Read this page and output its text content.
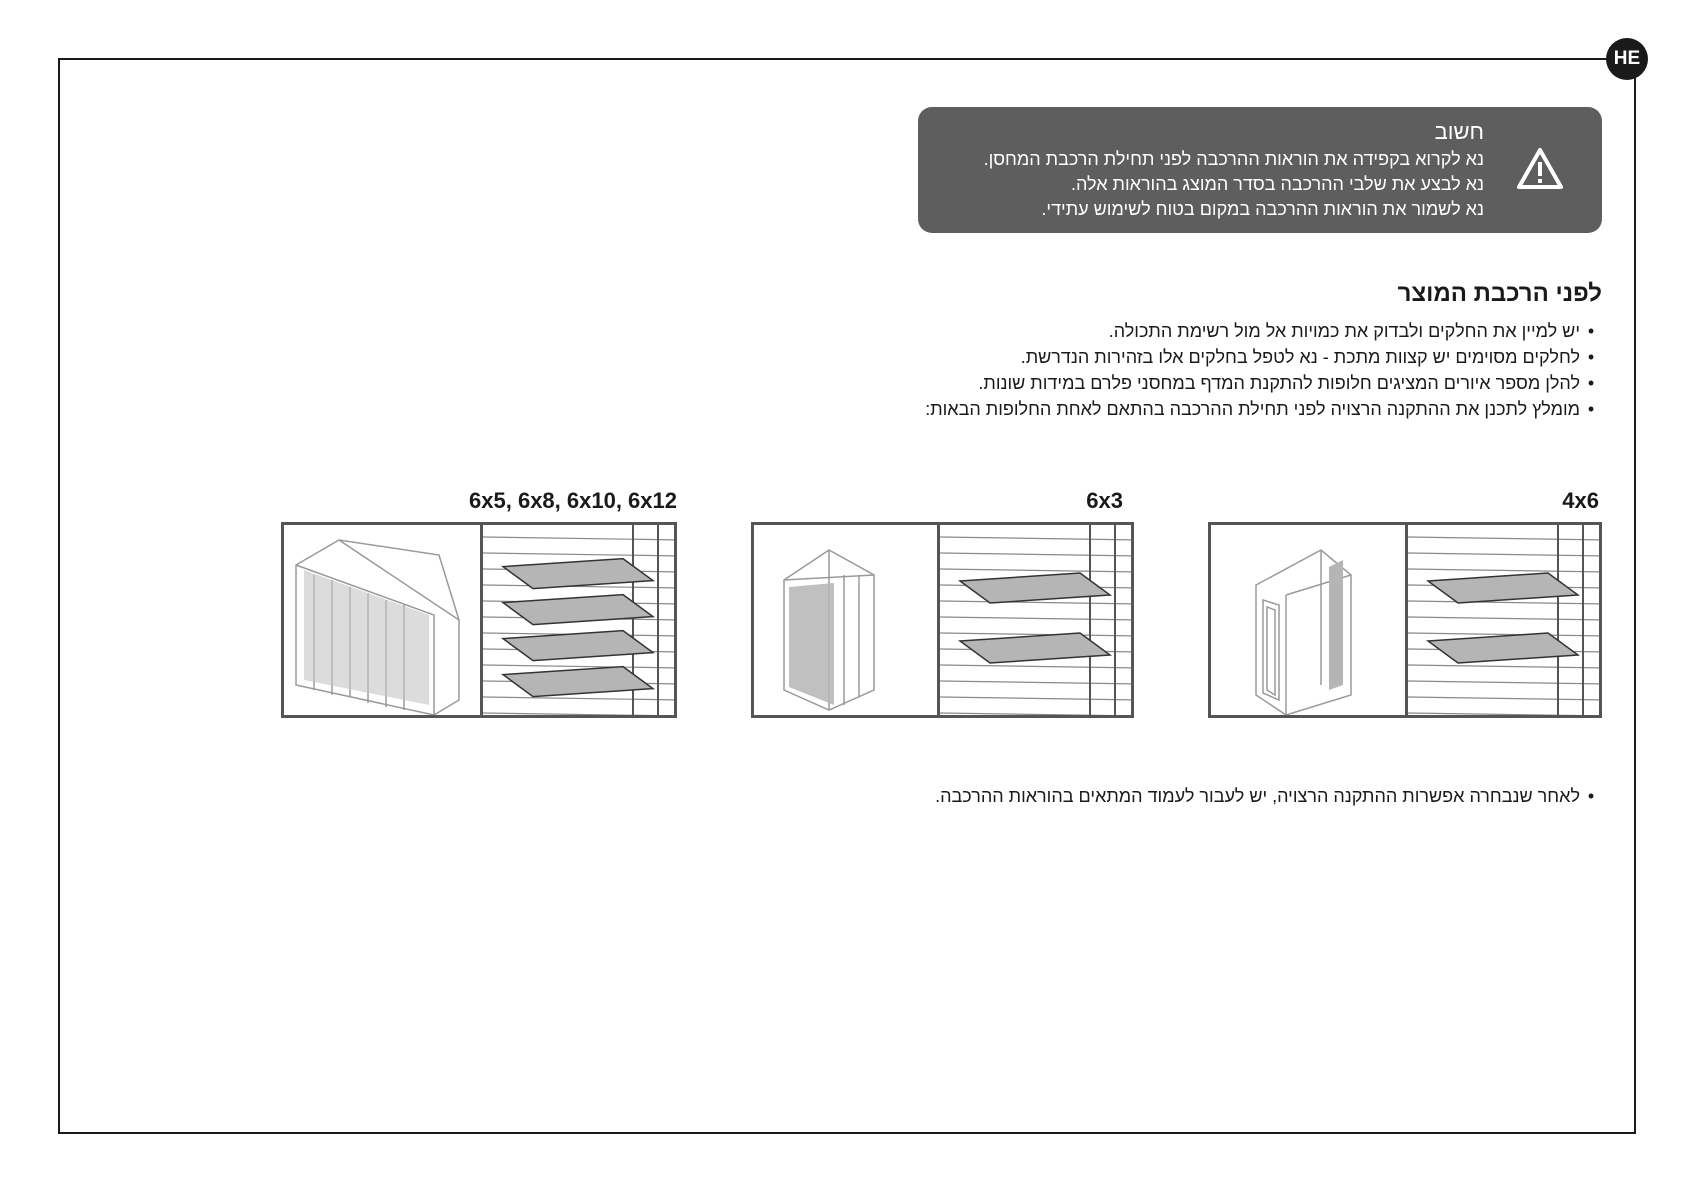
HE
חשוב
נא לקרוא בקפידה את הוראות ההרכבה לפני תחילת הרכבת המחסן.
נא לבצע את שלבי ההרכבה בסדר המוצג בהוראות אלה.
נא לשמור את הוראות ההרכבה במקום בטוח לשימוש עתידי.
לפני הרכבת המוצר
• יש למיין את החלקים ולבדוק את כמויות אל מול רשימת התכולה.
• לחלקים מסוימים יש קצוות מתכת - נא לטפל בחלקים אלו בזהירות הנדרשת.
• להלן מספר איורים המציגים חלופות להתקנת המדף במחסני פלרם במידות שונות.
• מומלץ לתכנן את ההתקנה הרצויה לפני תחילת ההרכבה בהתאם לאחת החלופות הבאות:
4x6
6x3
6x5, 6x8, 6x10, 6x12
• לאחר שנבחרה אפשרות ההתקנה הרצויה, יש לעבור לעמוד המתאים בהוראות ההרכבה.
